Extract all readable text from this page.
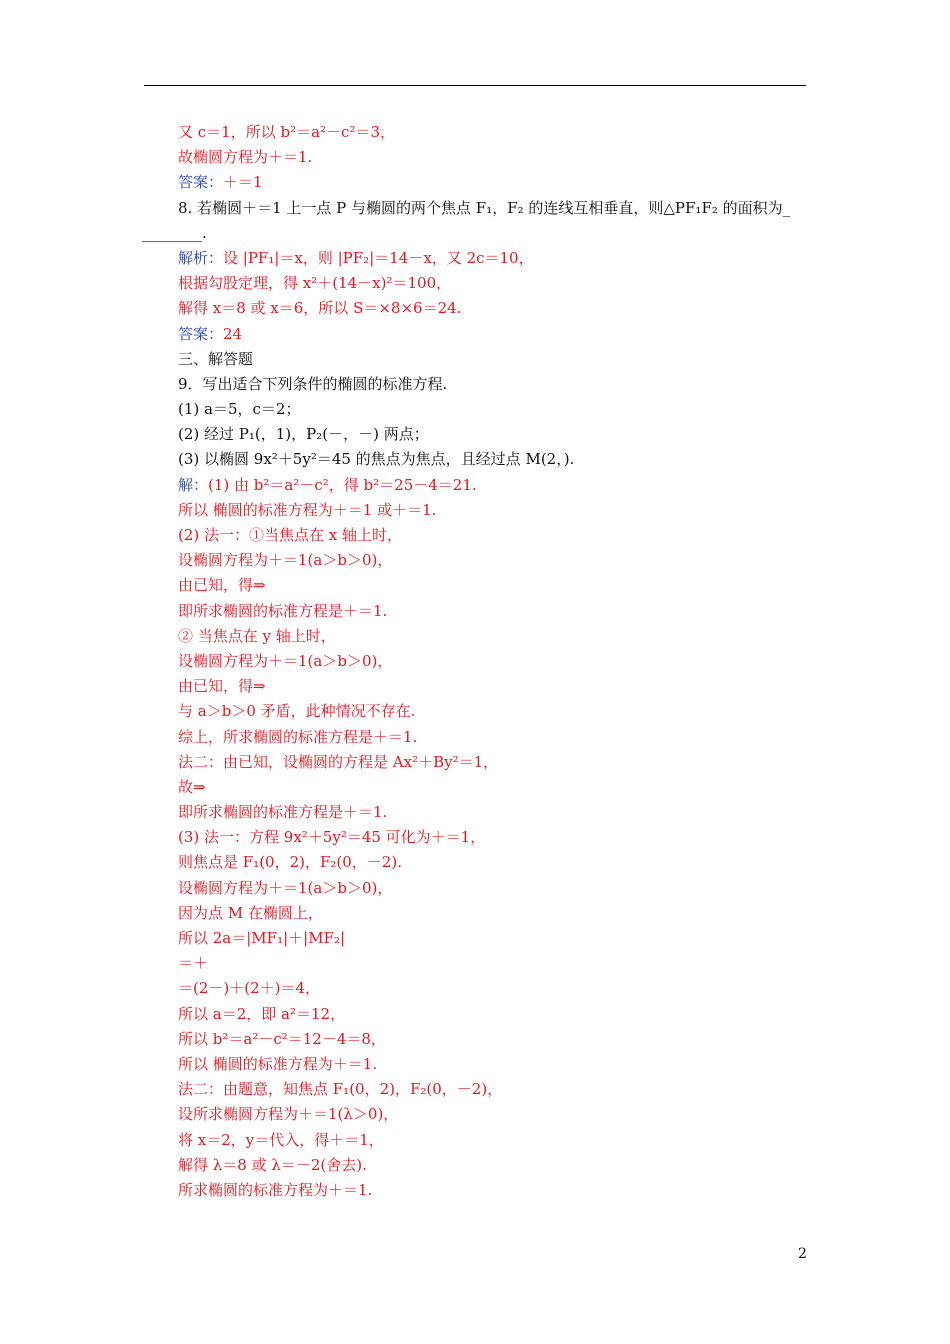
又 c＝1，所以 b²＝a²－c²＝3，
故椭圆方程为＋＝1.
答案：＋＝1
8. 若椭圆＋＝1 上一点 P 与椭圆的两个焦点 F₁，F₂ 的连线互相垂直，则△PF₁F₂ 的面积为_
________.
解析：设 |PF₁|＝x，则 |PF₂|＝14－x，又 2c＝10，
根据勾股定理，得 x²＋(14－x)²＝100，
解得 x＝8 或 x＝6，所以 S＝×8×6＝24.
答案：24
三、解答题
9．写出适合下列条件的椭圆的标准方程.
(1) a＝5，c＝2；
(2) 经过 P₁(，1)，P₂(－，－) 两点；
(3) 以椭圆 9x²＋5y²＝45 的焦点为焦点，且经过点 M(2，).
解：(1) 由 b²＝a²－c²，得 b²＝25－4＝21.
所以 椭圆的标准方程为＋＝1 或＋＝1.
(2) 法一：①当焦点在 x 轴上时，
设椭圆方程为＋＝1(a＞b＞0)，
由已知，得⇒
即所求椭圆的标准方程是＋＝1.
② 当焦点在 y 轴上时，
设椭圆方程为＋＝1(a＞b＞0)，
由已知，得⇒
与 a＞b＞0 矛盾，此种情况不存在.
综上，所求椭圆的标准方程是＋＝1.
法二：由已知，设椭圆的方程是 Ax²＋By²＝1，
故⇒
即所求椭圆的标准方程是＋＝1.
(3) 法一：方程 9x²＋5y²＝45 可化为＋＝1，
则焦点是 F₁(0，2)，F₂(0，－2).
设椭圆方程为＋＝1(a＞b＞0)，
因为点 M 在椭圆上，
所以 2a＝|MF₁|＋|MF₂|
＝＋
＝(2－)＋(2＋)＝4，
所以 a＝2，即 a²＝12，
所以 b²＝a²－c²＝12－4＝8，
所以 椭圆的标准方程为＋＝1.
法二：由题意，知焦点 F₁(0，2)，F₂(0，－2)，
设所求椭圆方程为＋＝1(λ＞0)，
将 x＝2，y＝代入，得＋＝1，
解得 λ＝8 或 λ＝－2(舍去).
所求椭圆的标准方程为＋＝1.
2
